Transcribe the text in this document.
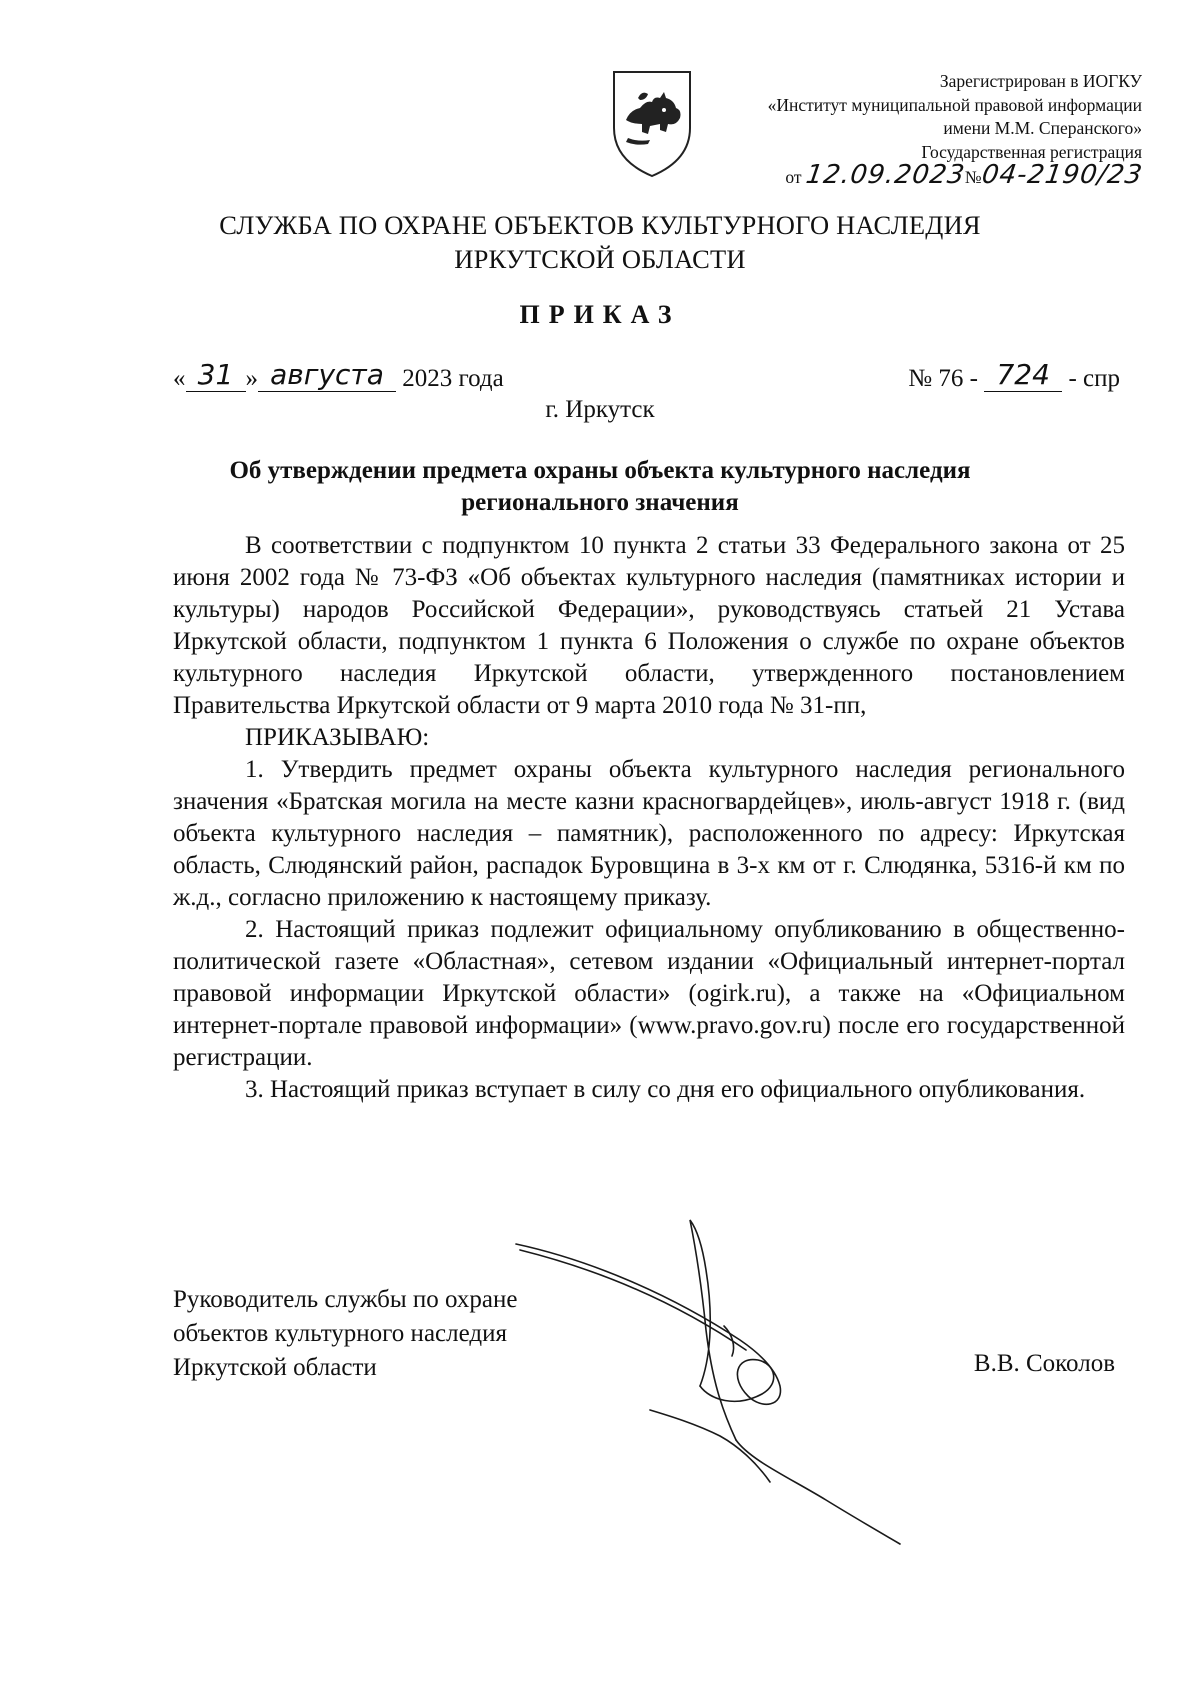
Зарегистрирован в ИОГКУ
«Институт муниципальной правовой информации
имени М.М. Сперанского»
Государственная регистрация
от 12.09.2023№04-2190/23
СЛУЖБА ПО ОХРАНЕ ОБЪЕКТОВ КУЛЬТУРНОГО НАСЛЕДИЯ
ИРКУТСКОЙ ОБЛАСТИ
ПРИКАЗ
« 31 » августа 2023 года	№ 76 - 724 - спр
г. Иркутск
Об утверждении предмета охраны объекта культурного наследия
регионального значения

В соответствии с подпунктом 10 пункта 2 статьи 33 Федерального закона от 25 июня 2002 года № 73-ФЗ «Об объектах культурного наследия (памятниках истории и культуры) народов Российской Федерации», руководствуясь статьей 21 Устава Иркутской области, подпунктом 1 пункта 6 Положения о службе по охране объектов культурного наследия Иркутской области, утвержденного постановлением Правительства Иркутской области от 9 марта 2010 года № 31-пп,

ПРИКАЗЫВАЮ:

1. Утвердить предмет охраны объекта культурного наследия регионального значения «Братская могила на месте казни красногвардейцев», июль-август 1918 г. (вид объекта культурного наследия – памятник), расположенного по адресу: Иркутская область, Слюдянский район, распадок Буровщина в 3-х км от г. Слюдянка, 5316-й км по ж.д., согласно приложению к настоящему приказу.

2. Настоящий приказ подлежит официальному опубликованию в общественно-политической газете «Областная», сетевом издании «Официальный интернет-портал правовой информации Иркутской области» (ogirk.ru), а также на «Официальном интернет-портале правовой информации» (www.pravo.gov.ru) после его государственной регистрации.

3. Настоящий приказ вступает в силу со дня его официального опубликования.

Руководитель службы по охране
объектов культурного наследия
Иркутской области	В.В. Соколов
